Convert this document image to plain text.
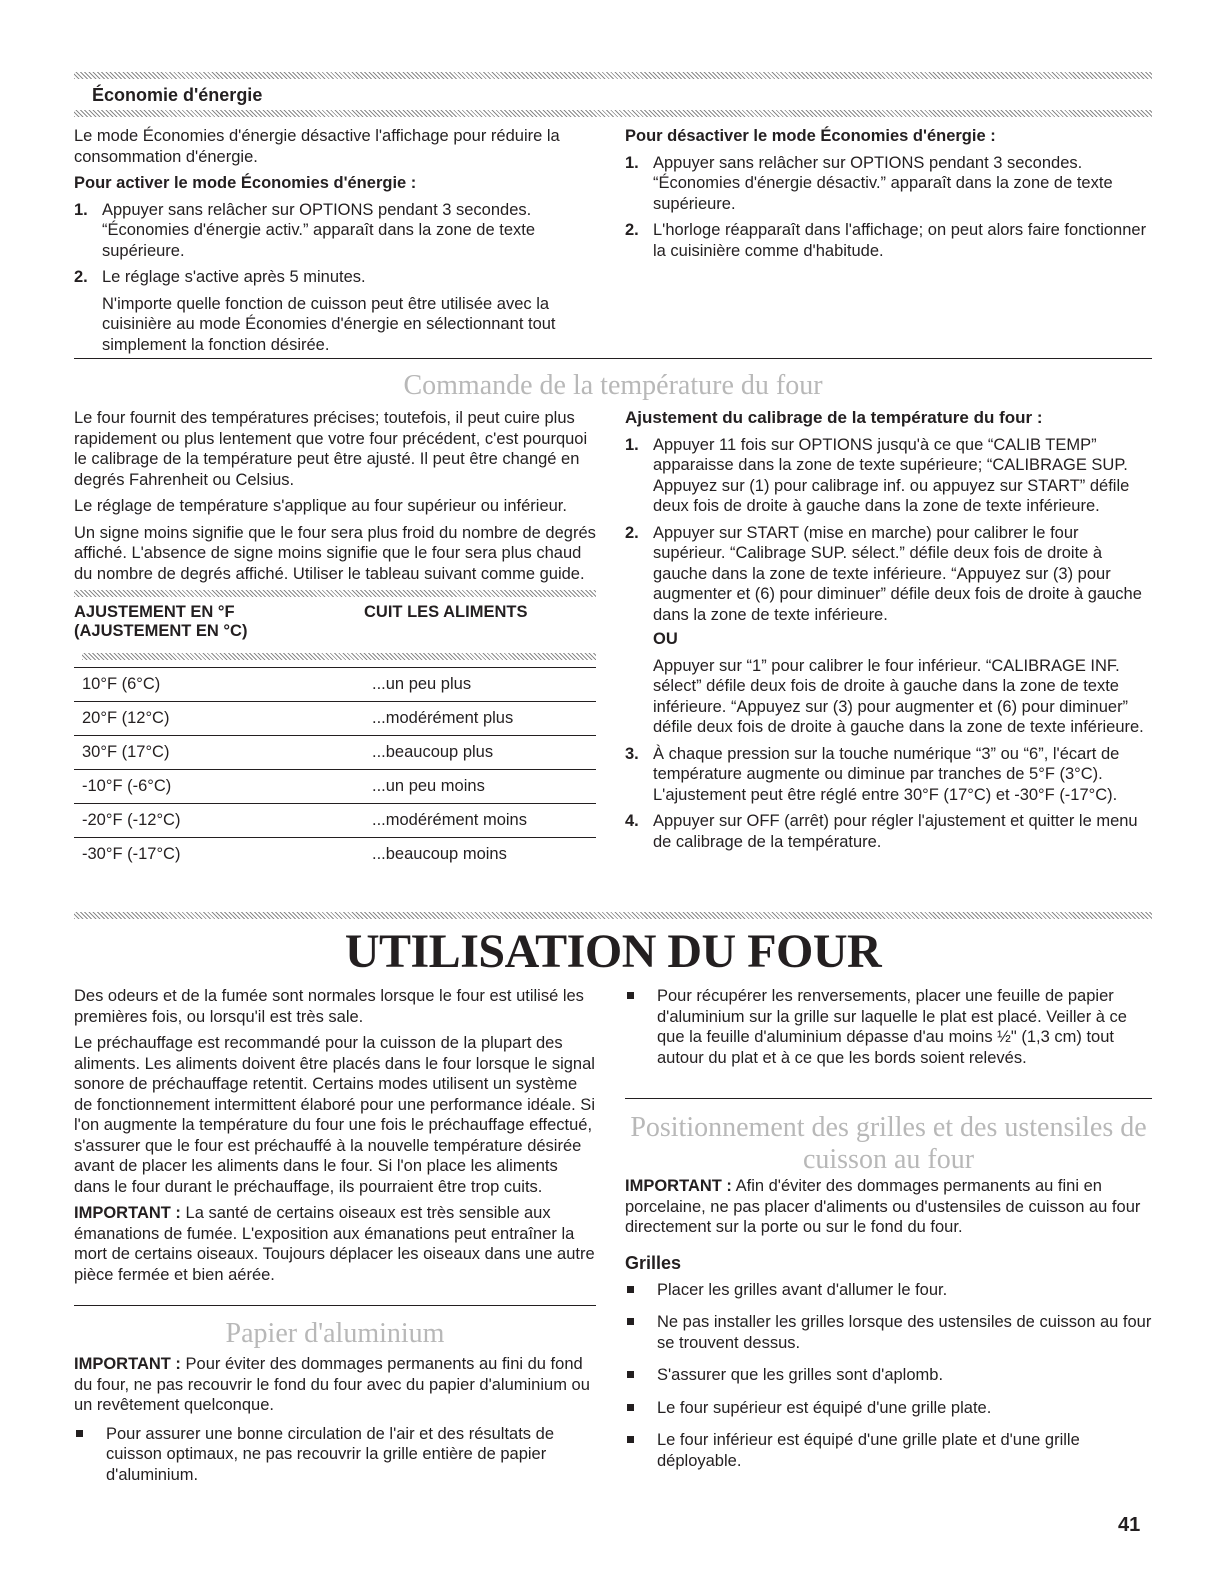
Économie d'énergie

Le mode Économies d'énergie désactive l'affichage pour réduire la consommation d'énergie.

Pour activer le mode Économies d'énergie :

1. Appuyer sans relâcher sur OPTIONS pendant 3 secondes. “Économies d'énergie activ.” apparaît dans la zone de texte supérieure.
2. Le réglage s'active après 5 minutes.
N'importe quelle fonction de cuisson peut être utilisée avec la cuisinière au mode Économies d'énergie en sélectionnant tout simplement la fonction désirée.

Pour désactiver le mode Économies d'énergie :

1. Appuyer sans relâcher sur OPTIONS pendant 3 secondes. “Économies d'énergie désactiv.” apparaît dans la zone de texte supérieure.
2. L'horloge réapparaît dans l'affichage; on peut alors faire fonctionner la cuisinière comme d'habitude.
Commande de la température du four

Le four fournit des températures précises; toutefois, il peut cuire plus rapidement ou plus lentement que votre four précédent, c'est pourquoi le calibrage de la température peut être ajusté. Il peut être changé en degrés Fahrenheit ou Celsius.

Le réglage de température s'applique au four supérieur ou inférieur.

Un signe moins signifie que le four sera plus froid du nombre de degrés affiché. L'absence de signe moins signifie que le four sera plus chaud du nombre de degrés affiché. Utiliser le tableau suivant comme guide.

AJUSTEMENT EN °F (AJUSTEMENT EN °C)	CUIT LES ALIMENTS

10°F (6°C)	...un peu plus
20°F (12°C)	...modérément plus
30°F (17°C)	...beaucoup plus
-10°F (-6°C)	...un peu moins
-20°F (-12°C)	...modérément moins
-30°F (-17°C)	...beaucoup moins

Ajustement du calibrage de la température du four :

1. Appuyer 11 fois sur OPTIONS jusqu'à ce que “CALIB TEMP” apparaisse dans la zone de texte supérieure; “CALIBRAGE SUP. Appuyez sur (1) pour calibrage inf. ou appuyez sur START” défile deux fois de droite à gauche dans la zone de texte inférieure.
2. Appuyer sur START (mise en marche) pour calibrer le four supérieur. “Calibrage SUP. sélect.” défile deux fois de droite à gauche dans la zone de texte inférieure. “Appuyez sur (3) pour augmenter et (6) pour diminuer” défile deux fois de droite à gauche dans la zone de texte inférieure.
OU
Appuyer sur “1” pour calibrer le four inférieur. “CALIBRAGE INF. sélect” défile deux fois de droite à gauche dans la zone de texte inférieure. “Appuyez sur (3) pour augmenter et (6) pour diminuer” défile deux fois de droite à gauche dans la zone de texte inférieure.
3. À chaque pression sur la touche numérique “3” ou “6”, l'écart de température augmente ou diminue par tranches de 5°F (3°C). L'ajustement peut être réglé entre 30°F (17°C) et -30°F (-17°C).
4. Appuyer sur OFF (arrêt) pour régler l'ajustement et quitter le menu de calibrage de la température.
UTILISATION DU FOUR

Des odeurs et de la fumée sont normales lorsque le four est utilisé les premières fois, ou lorsqu'il est très sale.

Le préchauffage est recommandé pour la cuisson de la plupart des aliments. Les aliments doivent être placés dans le four lorsque le signal sonore de préchauffage retentit. Certains modes utilisent un système de fonctionnement intermittent élaboré pour une performance idéale. Si l'on augmente la température du four une fois le préchauffage effectué, s'assurer que le four est préchauffé à la nouvelle température désirée avant de placer les aliments dans le four. Si l'on place les aliments dans le four durant le préchauffage, ils pourraient être trop cuits.

IMPORTANT : La santé de certains oiseaux est très sensible aux émanations de fumée. L'exposition aux émanations peut entraîner la mort de certains oiseaux. Toujours déplacer les oiseaux dans une autre pièce fermée et bien aérée.

Papier d'aluminium

IMPORTANT : Pour éviter des dommages permanents au fini du fond du four, ne pas recouvrir le fond du four avec du papier d'aluminium ou un revêtement quelconque.

Pour assurer une bonne circulation de l'air et des résultats de cuisson optimaux, ne pas recouvrir la grille entière de papier d'aluminium.
Pour récupérer les renversements, placer une feuille de papier d'aluminium sur la grille sur laquelle le plat est placé. Veiller à ce que la feuille d'aluminium dépasse d'au moins ½" (1,3 cm) tout autour du plat et à ce que les bords soient relevés.
Positionnement des grilles et des ustensiles de
cuisson au four

IMPORTANT : Afin d'éviter des dommages permanents au fini en porcelaine, ne pas placer d'aliments ou d'ustensiles de cuisson au four directement sur la porte ou sur le fond du four.

Grilles
Placer les grilles avant d'allumer le four.
Ne pas installer les grilles lorsque des ustensiles de cuisson au four se trouvent dessus.
S'assurer que les grilles sont d'aplomb.
Le four supérieur est équipé d'une grille plate.
Le four inférieur est équipé d'une grille plate et d'une grille déployable.
41
